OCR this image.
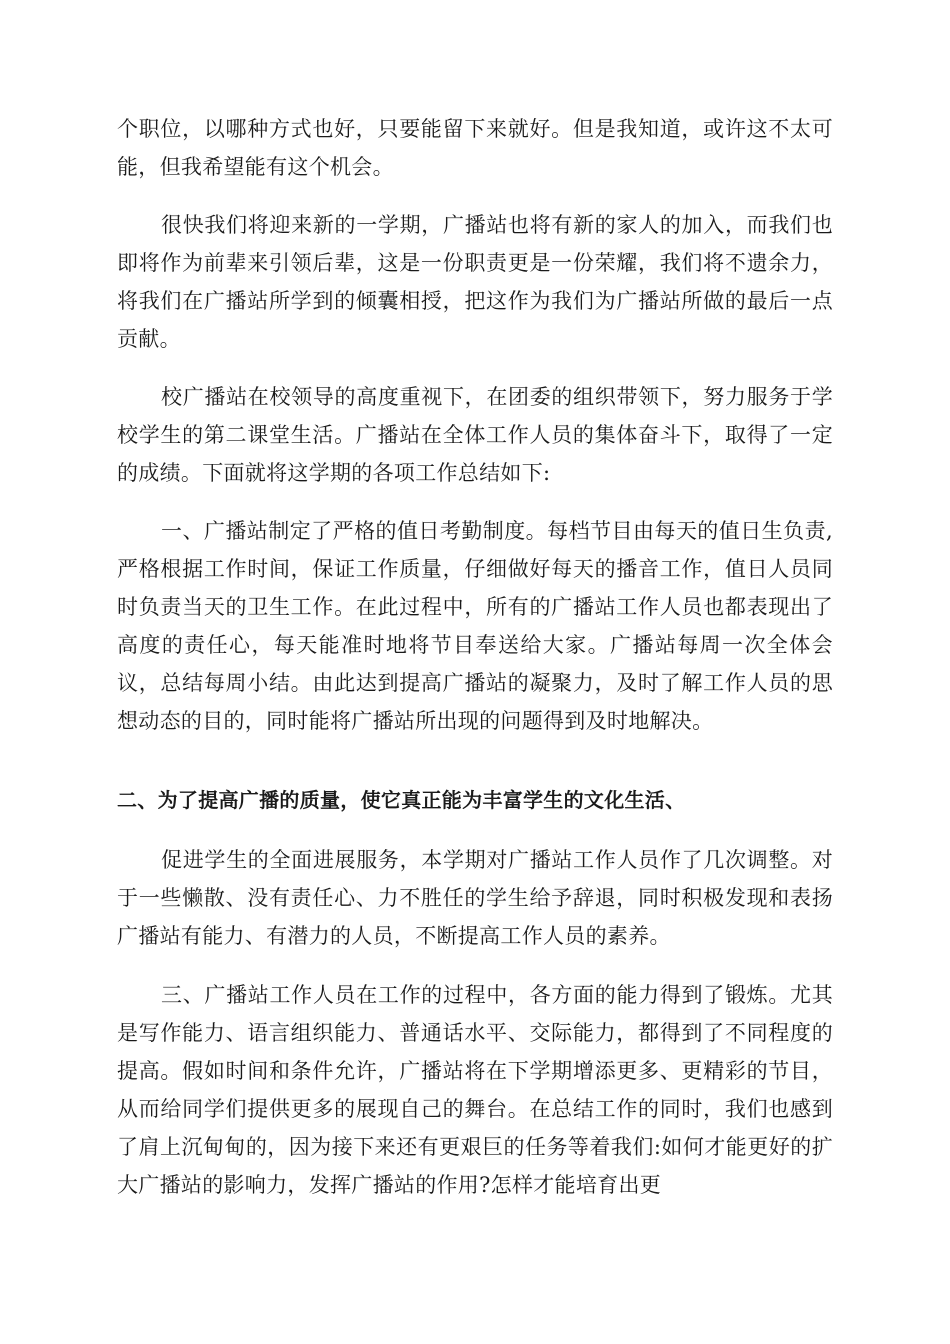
个职位，以哪种方式也好，只要能留下来就好。但是我知道，或许这不太可能，但我希望能有这个机会。

很快我们将迎来新的一学期，广播站也将有新的家人的加入，而我们也即将作为前辈来引领后辈，这是一份职责更是一份荣耀，我们将不遗余力，将我们在广播站所学到的倾囊相授，把这作为我们为广播站所做的最后一点贡献。

校广播站在校领导的高度重视下，在团委的组织带领下，努力服务于学校学生的第二课堂生活。广播站在全体工作人员的集体奋斗下，取得了一定的成绩。下面就将这学期的各项工作总结如下:

一、广播站制定了严格的值日考勤制度。每档节目由每天的值日生负责,严格根据工作时间，保证工作质量，仔细做好每天的播音工作，值日人员同时负责当天的卫生工作。在此过程中，所有的广播站工作人员也都表现出了高度的责任心，每天能准时地将节目奉送给大家。广播站每周一次全体会议，总结每周小结。由此达到提高广播站的凝聚力，及时了解工作人员的思想动态的目的，同时能将广播站所出现的问题得到及时地解决。

二、为了提高广播的质量，使它真正能为丰富学生的文化生活、

促进学生的全面进展服务，本学期对广播站工作人员作了几次调整。对于一些懒散、没有责任心、力不胜任的学生给予辞退，同时积极发现和表扬广播站有能力、有潜力的人员，不断提高工作人员的素养。

三、广播站工作人员在工作的过程中，各方面的能力得到了锻炼。尤其是写作能力、语言组织能力、普通话水平、交际能力，都得到了不同程度的提高。假如时间和条件允许，广播站将在下学期增添更多、更精彩的节目，从而给同学们提供更多的展现自己的舞台。在总结工作的同时，我们也感到了肩上沉甸甸的，因为接下来还有更艰巨的任务等着我们:如何才能更好的扩大广播站的影响力，发挥广播站的作用?怎样才能培育出更
